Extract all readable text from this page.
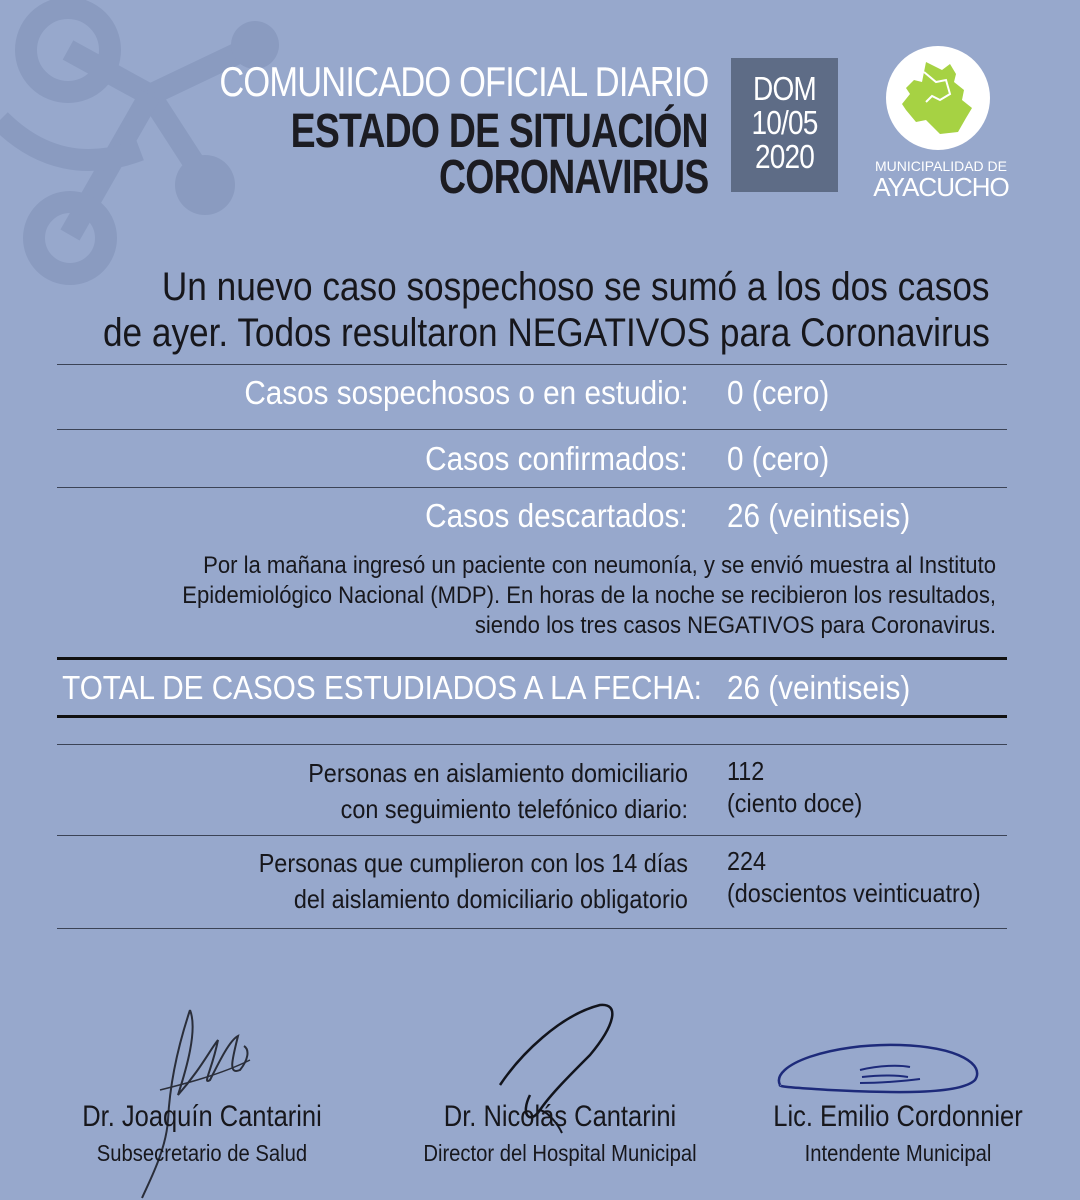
COMUNICADO OFICIAL DIARIO
ESTADO DE SITUACIÓN
CORONAVIRUS
DOM
10/05
2020	MUNICIPALIDAD DE
AYACUCHO
Un nuevo caso sospechoso se sumó a los dos casos
de ayer. Todos resultaron NEGATIVOS para Coronavirus
Casos sospechosos o en estudio: 0 (cero)
Casos confirmados: 0 (cero)
Casos descartados: 26 (veintiseis)
Por la mañana ingresó un paciente con neumonía, y se envió muestra al Instituto
Epidemiológico Nacional (MDP). En horas de la noche se recibieron los resultados,
siendo los tres casos NEGATIVOS para Coronavirus.
TOTAL DE CASOS ESTUDIADOS A LA FECHA: 26 (veintiseis)
Personas en aislamiento domiciliario
con seguimiento telefónico diario:
112
(ciento doce)
Personas que cumplieron con los 14 días
del aislamiento domiciliario obligatorio
224
(doscientos veinticuatro)
Dr. Joaquín Cantarini
Subsecretario de Salud
Dr. Nicolás Cantarini
Director del Hospital Municipal
Lic. Emilio Cordonnier
Intendente Municipal
